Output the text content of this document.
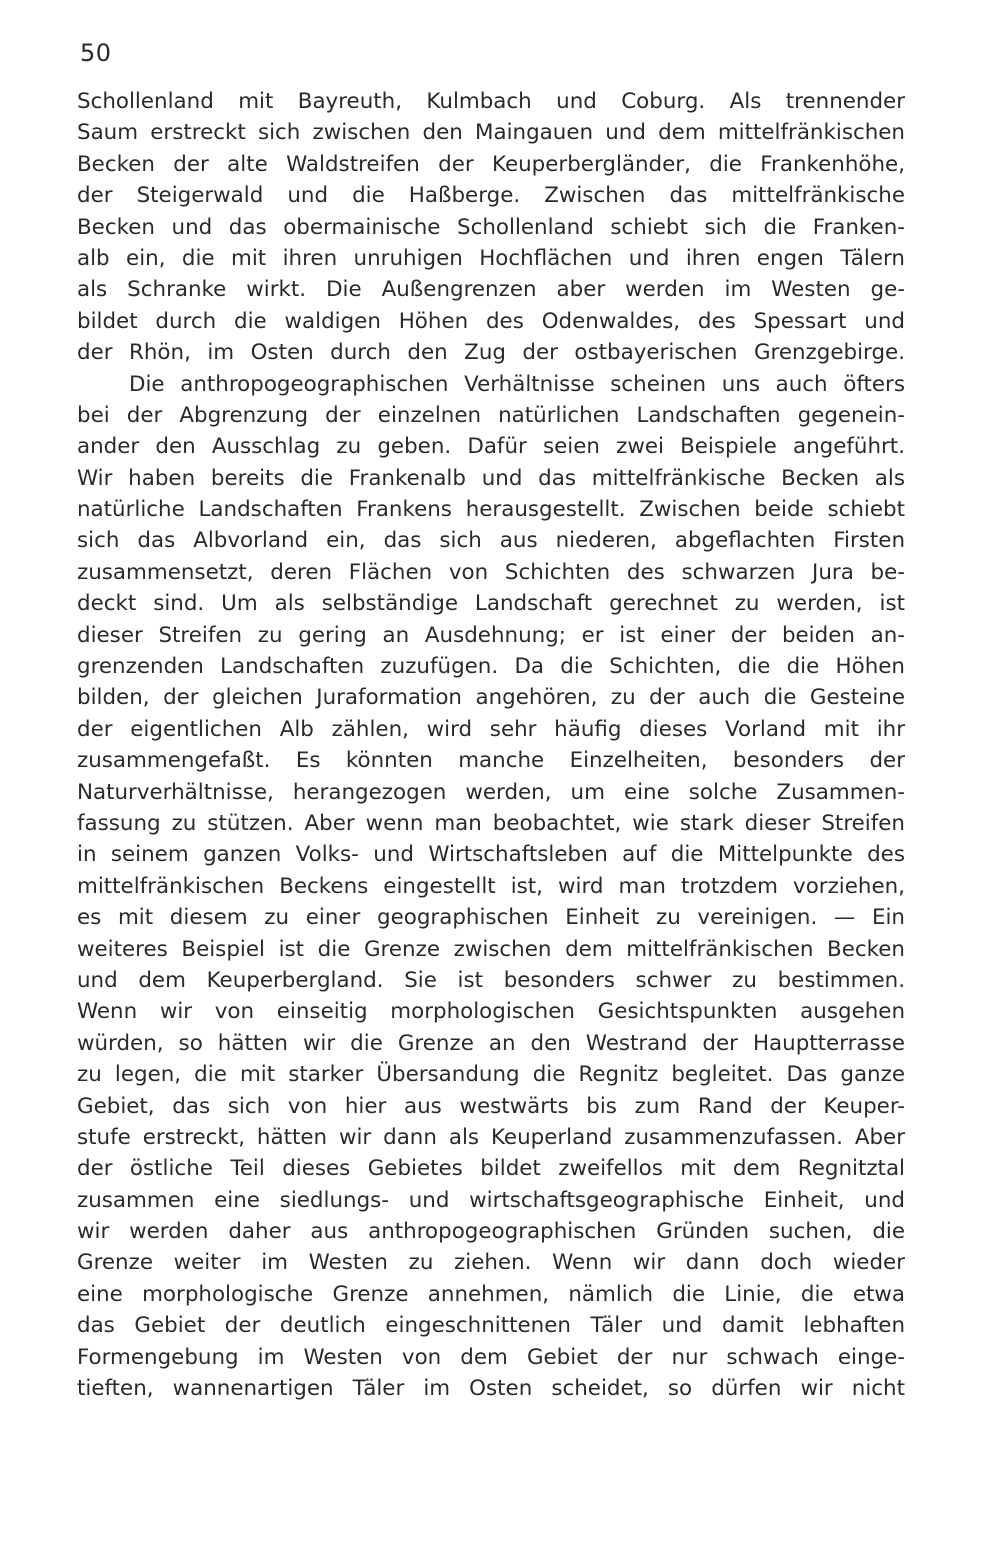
50
Schollenland mit Bayreuth, Kulmbach und Coburg. Als trennender
Saum erstreckt sich zwischen den Maingauen und dem mittelfränkischen
Becken der alte Waldstreifen der Keuperbergländer, die Frankenhöhe,
der Steigerwald und die Haßberge. Zwischen das mittelfränkische
Becken und das obermainische Schollenland schiebt sich die Franken-
alb ein, die mit ihren unruhigen Hochflächen und ihren engen Tälern
als Schranke wirkt. Die Außengrenzen aber werden im Westen ge-
bildet durch die waldigen Höhen des Odenwaldes, des Spessart und
der Rhön, im Osten durch den Zug der ostbayerischen Grenzgebirge.
Die anthropogeographischen Verhältnisse scheinen uns auch öfters
bei der Abgrenzung der einzelnen natürlichen Landschaften gegenein-
ander den Ausschlag zu geben. Dafür seien zwei Beispiele angeführt.
Wir haben bereits die Frankenalb und das mittelfränkische Becken als
natürliche Landschaften Frankens herausgestellt. Zwischen beide schiebt
sich das Albvorland ein, das sich aus niederen, abgeflachten Firsten
zusammensetzt, deren Flächen von Schichten des schwarzen Jura be-
deckt sind. Um als selbständige Landschaft gerechnet zu werden, ist
dieser Streifen zu gering an Ausdehnung; er ist einer der beiden an-
grenzenden Landschaften zuzufügen. Da die Schichten, die die Höhen
bilden, der gleichen Juraformation angehören, zu der auch die Gesteine
der eigentlichen Alb zählen, wird sehr häufig dieses Vorland mit ihr
zusammengefaßt. Es könnten manche Einzelheiten, besonders der
Naturverhältnisse, herangezogen werden, um eine solche Zusammen-
fassung zu stützen. Aber wenn man beobachtet, wie stark dieser Streifen
in seinem ganzen Volks- und Wirtschaftsleben auf die Mittelpunkte des
mittelfränkischen Beckens eingestellt ist, wird man trotzdem vorziehen,
es mit diesem zu einer geographischen Einheit zu vereinigen. — Ein
weiteres Beispiel ist die Grenze zwischen dem mittelfränkischen Becken
und dem Keuperbergland. Sie ist besonders schwer zu bestimmen.
Wenn wir von einseitig morphologischen Gesichtspunkten ausgehen
würden, so hätten wir die Grenze an den Westrand der Hauptterrasse
zu legen, die mit starker Übersandung die Regnitz begleitet. Das ganze
Gebiet, das sich von hier aus westwärts bis zum Rand der Keuper-
stufe erstreckt, hätten wir dann als Keuperland zusammenzufassen. Aber
der östliche Teil dieses Gebietes bildet zweifellos mit dem Regnitztal
zusammen eine siedlungs- und wirtschaftsgeographische Einheit, und
wir werden daher aus anthropogeographischen Gründen suchen, die
Grenze weiter im Westen zu ziehen. Wenn wir dann doch wieder
eine morphologische Grenze annehmen, nämlich die Linie, die etwa
das Gebiet der deutlich eingeschnittenen Täler und damit lebhaften
Formengebung im Westen von dem Gebiet der nur schwach einge-
tieften, wannenartigen Täler im Osten scheidet, so dürfen wir nicht
